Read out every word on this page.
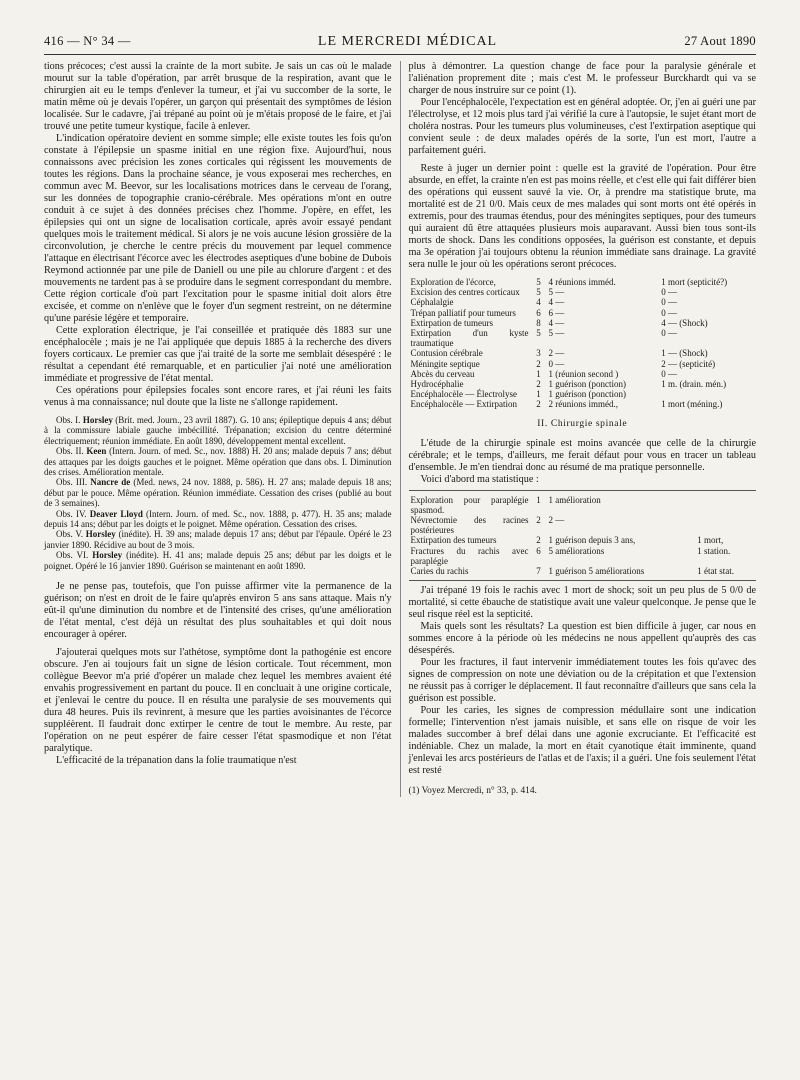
416 — N° 34 —	LE MERCREDI MÉDICAL	27 Aout 1890

tions précoces; c'est aussi la crainte de la mort subite. Je sais un cas où le malade mourut sur la table d'opération, par arrêt brusque de la respiration, avant que le chirurgien ait eu le temps d'enlever la tumeur, et j'ai vu succomber de la sorte, le matin même où je devais l'opérer, un garçon qui présentait des symptômes de lésion localisée. Sur le cadavre, j'ai trépané au point où je m'étais proposé de le faire, et j'ai trouvé une petite tumeur kystique, facile à enlever.

L'indication opératoire devient en somme simple; elle existe toutes les fois qu'on constate à l'épilepsie un spasme initial en une région fixe. Aujourd'hui, nous connaissons avec précision les zones corticales qui régissent les mouvements de toutes les régions. Dans la prochaine séance, je vous exposerai mes recherches, en commun avec M. Beevor, sur les localisations motrices dans le cerveau de l'orang, sur les données de topographie cranio-cérébrale. Mes opérations m'ont en outre conduit à ce sujet à des données précises chez l'homme. J'opère, en effet, les épilepsies qui ont un signe de localisation corticale, après avoir essayé pendant quelques mois le traitement médical. Si alors je ne vois aucune lésion grossière de la circonvolution, je cherche le centre précis du mouvement par lequel commence l'attaque en électrisant l'écorce avec les électrodes aseptiques d'une bobine de Dubois Reymond actionnée par une pile de Daniell ou une pile au chlorure d'argent : et des mouvements ne tardent pas à se produire dans le segment correspondant du membre. Cette région corticale d'où part l'excitation pour le spasme initial doit alors être excisée, et comme on n'enlève que le foyer d'un segment restreint, on ne détermine qu'une parésie légère et temporaire.

Cette exploration électrique, je l'ai conseillée et pratiquée dès 1883 sur une encéphalocèle ; mais je ne l'ai appliquée que depuis 1885 à la recherche des divers foyers corticaux. Le premier cas que j'ai traité de la sorte me semblait désespéré : le résultat a cependant été remarquable, et en particulier j'ai noté une amélioration immédiate et progressive de l'état mental.

Ces opérations pour épilepsies focales sont encore rares, et j'ai réuni les faits venus à ma connaissance; nul doute que la liste ne s'allonge rapidement.

Obs. I. Horsley (Brit. med. Journ., 23 avril 1887). G. 10 ans; épileptique depuis 4 ans; début à la commissure labiale gauche imbécillité. Trépanation; excision du centre déterminé électriquement; réunion immédiate. En août 1890, développement mental excellent.

Obs. II. Keen (Intern. Journ. of med. Sc., nov. 1888) H. 20 ans; malade depuis 7 ans; début des attaques par les doigts gauches et le poignet. Même opération que dans obs. I. Diminution des crises. Amélioration mentale.

Obs. III. Nancre de (Med. news, 24 nov. 1888, p. 586). H. 27 ans; malade depuis 18 ans; début par le pouce. Même opération. Réunion immédiate. Cessation des crises (publié au bout de 3 semaines).

Obs. IV. Deaver Lloyd (Intern. Journ. of med. Sc., nov. 1888, p. 477). H. 35 ans; malade depuis 14 ans; début par les doigts et le poignet. Même opération. Cessation des crises.

Obs. V. Horsley (inédite). H. 39 ans; malade depuis 17 ans; début par l'épaule. Opéré le 23 janvier 1890. Récidive au bout de 3 mois.

Obs. VI. Horsley (inédite). H. 41 ans; malade depuis 25 ans; début par les doigts et le poignet. Opéré le 16 janvier 1890. Guérison se maintenant en août 1890.

Je ne pense pas, toutefois, que l'on puisse affirmer vite la permanence de la guérison; on n'est en droit de le faire qu'après environ 5 ans sans attaque. Mais n'y eût-il qu'une diminution du nombre et de l'intensité des crises, qu'une amélioration de l'état mental, c'est déjà un résultat des plus souhaitables et qui doit nous encourager à opérer.

J'ajouterai quelques mots sur l'athétose, symptôme dont la pathogénie est encore obscure. J'en ai toujours fait un signe de lésion corticale. Tout récemment, mon collègue Beevor m'a prié d'opérer un malade chez lequel les membres avaient été envahis progressivement en partant du pouce. Il en concluait à une origine corticale, et j'enlevai le centre du pouce. Il en résulta une paralysie de ses mouvements qui dura 48 heures. Puis ils revinrent, à mesure que les parties avoisinantes de l'écorce suppléèrent. Il faudrait donc extirper le centre de tout le membre. Au reste, par l'opération on ne peut espérer de faire cesser l'état spasmodique et non l'état paralytique.

L'efficacité de la trépanation dans la folie traumatique n'est

plus à démontrer. La question change de face pour la paralysie générale et l'aliénation proprement dite ; mais c'est M. le professeur Burckhardt qui va se charger de nous instruire sur ce point (1).

Pour l'encéphalocèle, l'expectation est en général adoptée. Or, j'en ai guéri une par l'électrolyse, et 12 mois plus tard j'ai vérifié la cure à l'autopsie, le sujet étant mort de choléra nostras. Pour les tumeurs plus volumineuses, c'est l'extirpation aseptique qui convient seule : de deux malades opérés de la sorte, l'un est mort, l'autre a parfaitement guéri.

Reste à juger un dernier point : quelle est la gravité de l'opération. Pour être absurde, en effet, la crainte n'en est pas moins réelle, et c'est elle qui fait différer bien des opérations qui eussent sauvé la vie. Or, à prendre ma statistique brute, ma mortalité est de 21 0/0. Mais ceux de mes malades qui sont morts ont été opérés in extremis, pour des traumas étendus, pour des méningites septiques, pour des tumeurs qui auraient dû être attaquées plusieurs mois auparavant. Aussi bien tous sont-ils morts de shock. Dans les conditions opposées, la guérison est constante, et depuis ma 3e opération j'ai toujours obtenu la réunion immédiate sans drainage. La gravité sera nulle le jour où les opérations seront précoces.

Exploration de l'écorce,	5	4 réunions imméd.	1 mort (septicité?)
Excision des centres corticaux	5	5 —	0 —
Céphalalgie	4	4 —	0 —
Trépan palliatif pour tumeurs	6	6 —	0 —
Extirpation de tumeurs	8	4 —	4 — (Shock)
Extirpation d'un kyste traumatique	5	5 —	0 —
Contusion cérébrale	3	2 —	1 — (Shock)
Méningite septique	2	0 —	2 — (septicité)
Abcès du cerveau	1	1 (réunion second )	0 —
Hydrocéphalie	2	1 guérison (ponction)	1 m. (drain. mén.)
Encéphalocèle — Électrolyse	1	1 guérison (ponction)	
Encéphalocèle — Extirpation	2	2 réunions imméd.,	1 mort (méning.)
II. Chirurgie spinale

L'étude de la chirurgie spinale est moins avancée que celle de la chirurgie cérébrale; et le temps, d'ailleurs, me ferait défaut pour vous en tracer un tableau d'ensemble. Je m'en tiendrai donc au résumé de ma pratique personnelle.

Voici d'abord ma statistique :

Exploration pour paraplégie spasmod.	1	1 amélioration	
Névrectomie des racines postérieures	2	2 —	
Extirpation des tumeurs	2	1 guérison depuis 3 ans,	1 mort,
Fractures du rachis avec paraplégie	6	5 améliorations	1 station.
Caries du rachis	7	1 guérison 5 améliorations	1 état stat.

J'ai trépané 19 fois le rachis avec 1 mort de shock; soit un peu plus de 5 0/0 de mortalité, si cette ébauche de statistique avait une valeur quelconque. Je pense que le seul risque réel est la septicité.

Mais quels sont les résultats? La question est bien difficile à juger, car nous en sommes encore à la période où les médecins ne nous appellent qu'auprès des cas désespérés.

Pour les fractures, il faut intervenir immédiatement toutes les fois qu'avec des signes de compression on note une déviation ou de la crépitation et que l'extension ne réussit pas à corriger le déplacement. Il faut reconnaître d'ailleurs que sans cela la guérison est possible.

Pour les caries, les signes de compression médullaire sont une indication formelle; l'intervention n'est jamais nuisible, et sans elle on risque de voir les malades succomber à bref délai dans une agonie excruciante. Et l'efficacité est indéniable. Chez un malade, la mort en était cyanotique était imminente, quand j'enlevai les arcs postérieurs de l'atlas et de l'axis; il a guéri. Une fois seulement l'état est resté

(1) Voyez Mercredi, n° 33, p. 414.
